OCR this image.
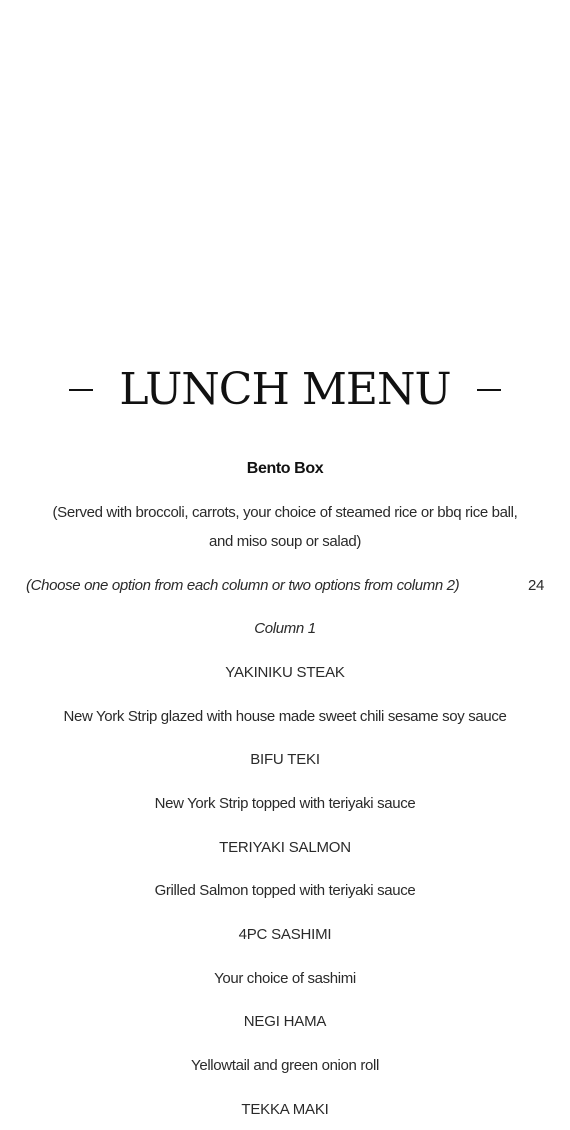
LUNCH MENU
Bento Box
(Served with broccoli, carrots, your choice of steamed rice or bbq rice ball,
and miso soup or salad)
(Choose one option from each column or two options from column 2)	24
Column 1
YAKINIKU STEAK
New York Strip glazed with house made sweet chili sesame soy sauce
BIFU TEKI
New York Strip topped with teriyaki sauce
TERIYAKI SALMON
Grilled Salmon topped with teriyaki sauce
4PC SASHIMI
Your choice of sashimi
NEGI HAMA
Yellowtail and green onion roll
TEKKA MAKI
